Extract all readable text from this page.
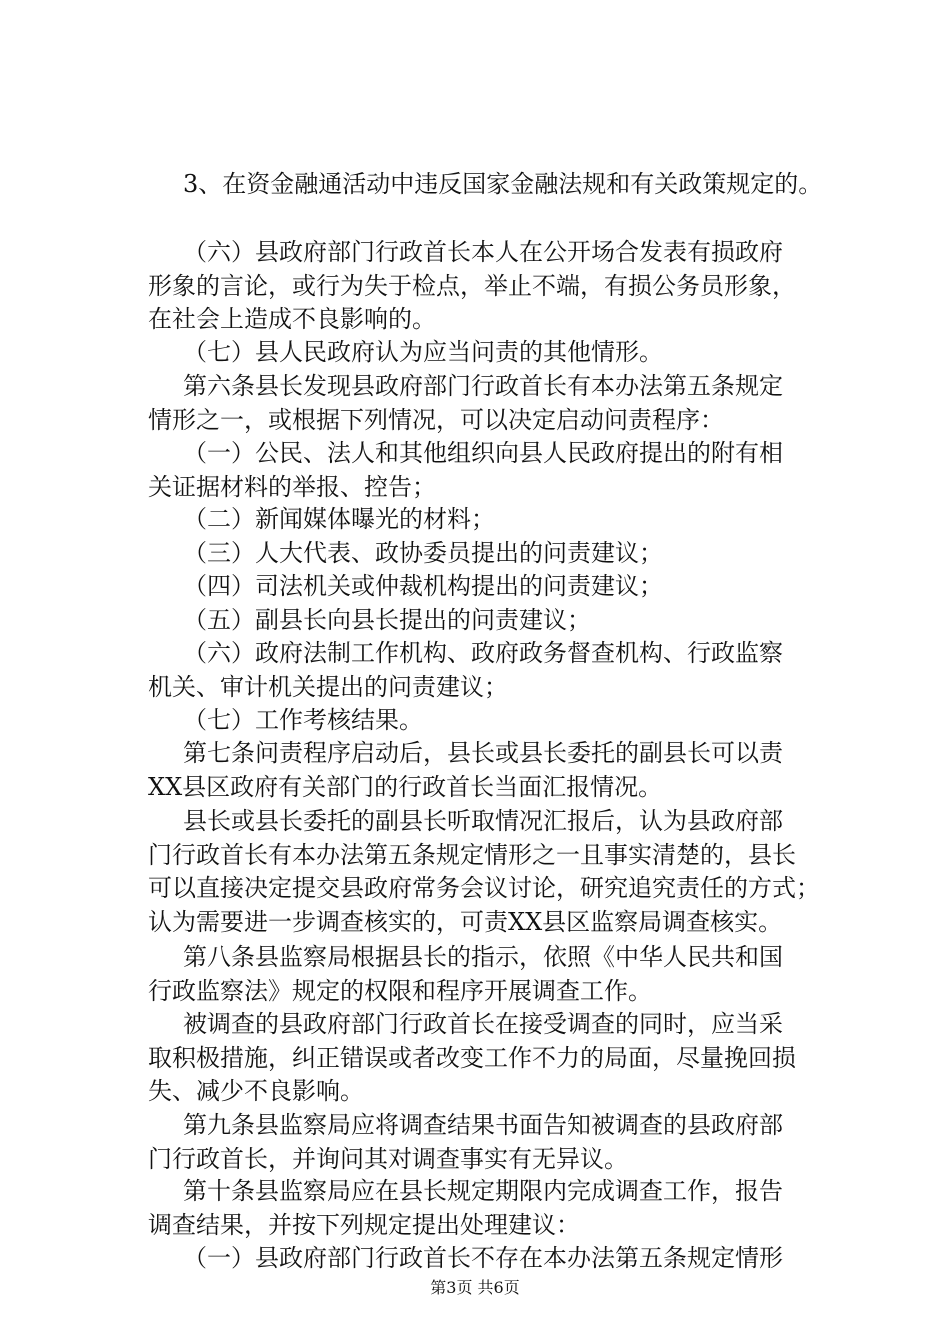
3、在资金融通活动中违反国家金融法规和有关政策规定的。
（六）县政府部门行政首长本人在公开场合发表有损政府
形象的言论，或行为失于检点，举止不端，有损公务员形象，
在社会上造成不良影响的。
（七）县人民政府认为应当问责的其他情形。
第六条县长发现县政府部门行政首长有本办法第五条规定
情形之一，或根据下列情况，可以决定启动问责程序：
（一）公民、法人和其他组织向县人民政府提出的附有相
关证据材料的举报、控告；
（二）新闻媒体曝光的材料；
（三）人大代表、政协委员提出的问责建议；
（四）司法机关或仲裁机构提出的问责建议；
（五）副县长向县长提出的问责建议；
（六）政府法制工作机构、政府政务督查机构、行政监察
机关、审计机关提出的问责建议；
（七）工作考核结果。
第七条问责程序启动后，县长或县长委托的副县长可以责
XX县区政府有关部门的行政首长当面汇报情况。
县长或县长委托的副县长听取情况汇报后，认为县政府部
门行政首长有本办法第五条规定情形之一且事实清楚的，县长
可以直接决定提交县政府常务会议讨论，研究追究责任的方式；
认为需要进一步调查核实的，可责XX县区监察局调查核实。
第八条县监察局根据县长的指示，依照《中华人民共和国
行政监察法》规定的权限和程序开展调查工作。
被调查的县政府部门行政首长在接受调查的同时，应当采
取积极措施，纠正错误或者改变工作不力的局面，尽量挽回损
失、减少不良影响。
第九条县监察局应将调查结果书面告知被调查的县政府部
门行政首长，并询问其对调查事实有无异议。
第十条县监察局应在县长规定期限内完成调查工作，报告
调查结果，并按下列规定提出处理建议：
（一）县政府部门行政首长不存在本办法第五条规定情形
第3页 共6页
